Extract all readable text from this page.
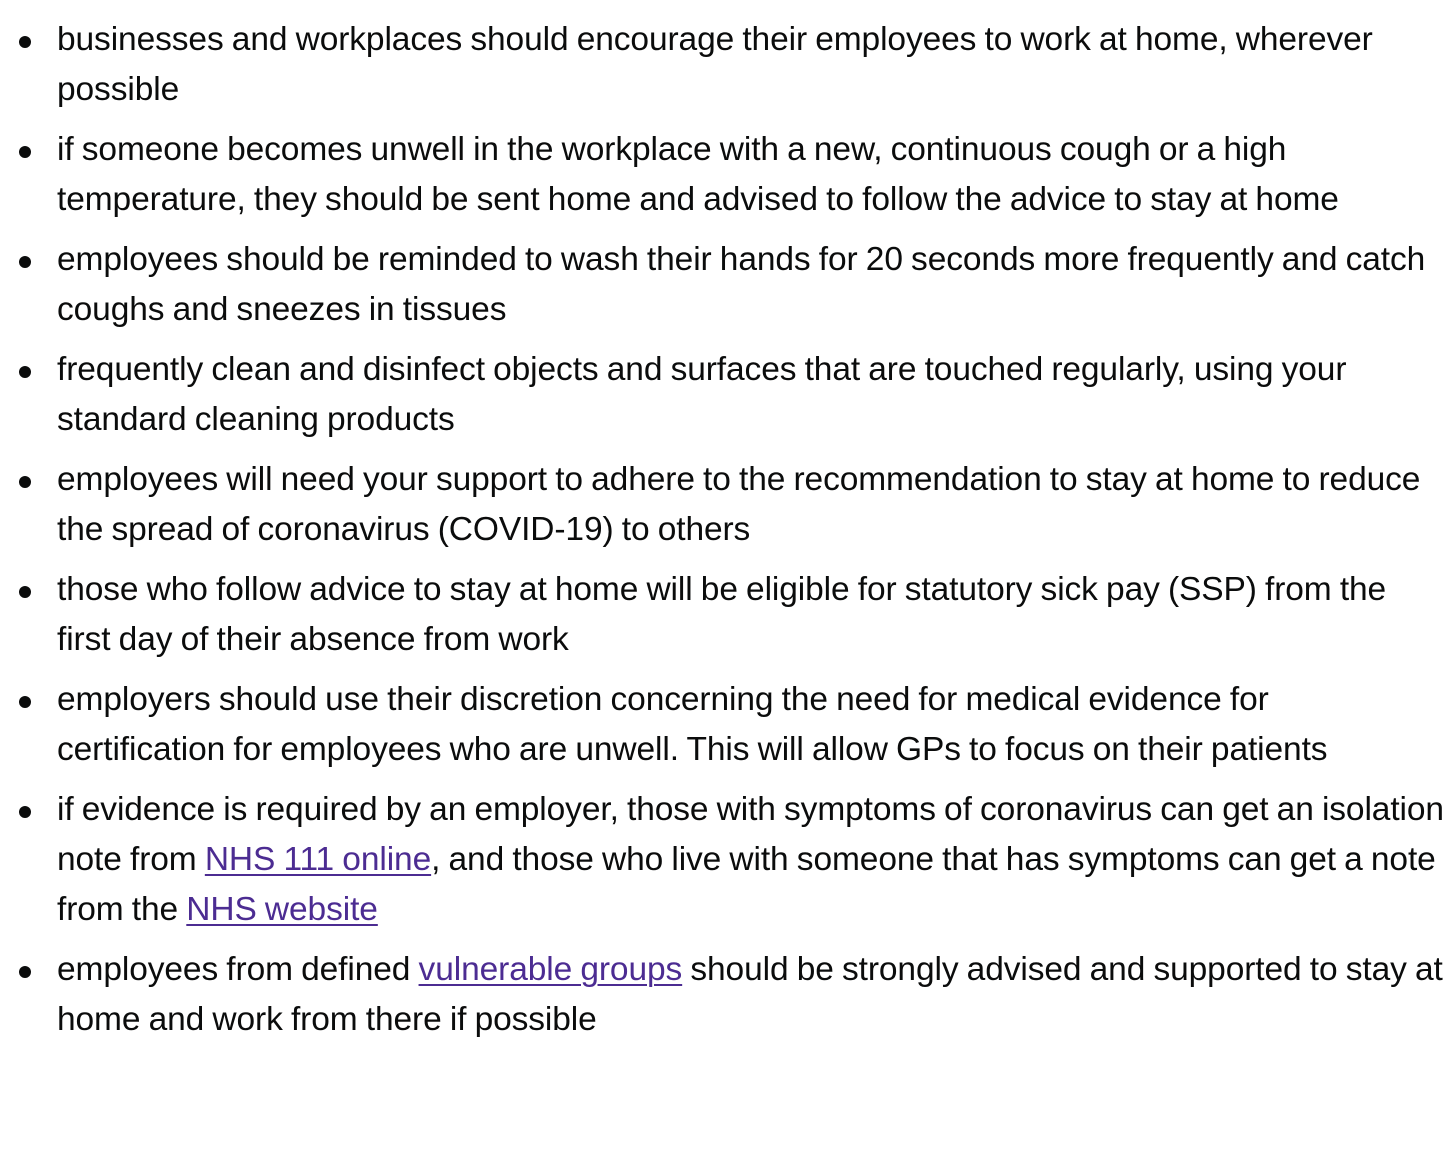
businesses and workplaces should encourage their employees to work at home, wherever possible
if someone becomes unwell in the workplace with a new, continuous cough or a high temperature, they should be sent home and advised to follow the advice to stay at home
employees should be reminded to wash their hands for 20 seconds more frequently and catch coughs and sneezes in tissues
frequently clean and disinfect objects and surfaces that are touched regularly, using your standard cleaning products
employees will need your support to adhere to the recommendation to stay at home to reduce the spread of coronavirus (COVID-19) to others
those who follow advice to stay at home will be eligible for statutory sick pay (SSP) from the first day of their absence from work
employers should use their discretion concerning the need for medical evidence for certification for employees who are unwell. This will allow GPs to focus on their patients
if evidence is required by an employer, those with symptoms of coronavirus can get an isolation note from NHS 111 online, and those who live with someone that has symptoms can get a note from the NHS website
employees from defined vulnerable groups should be strongly advised and supported to stay at home and work from there if possible
